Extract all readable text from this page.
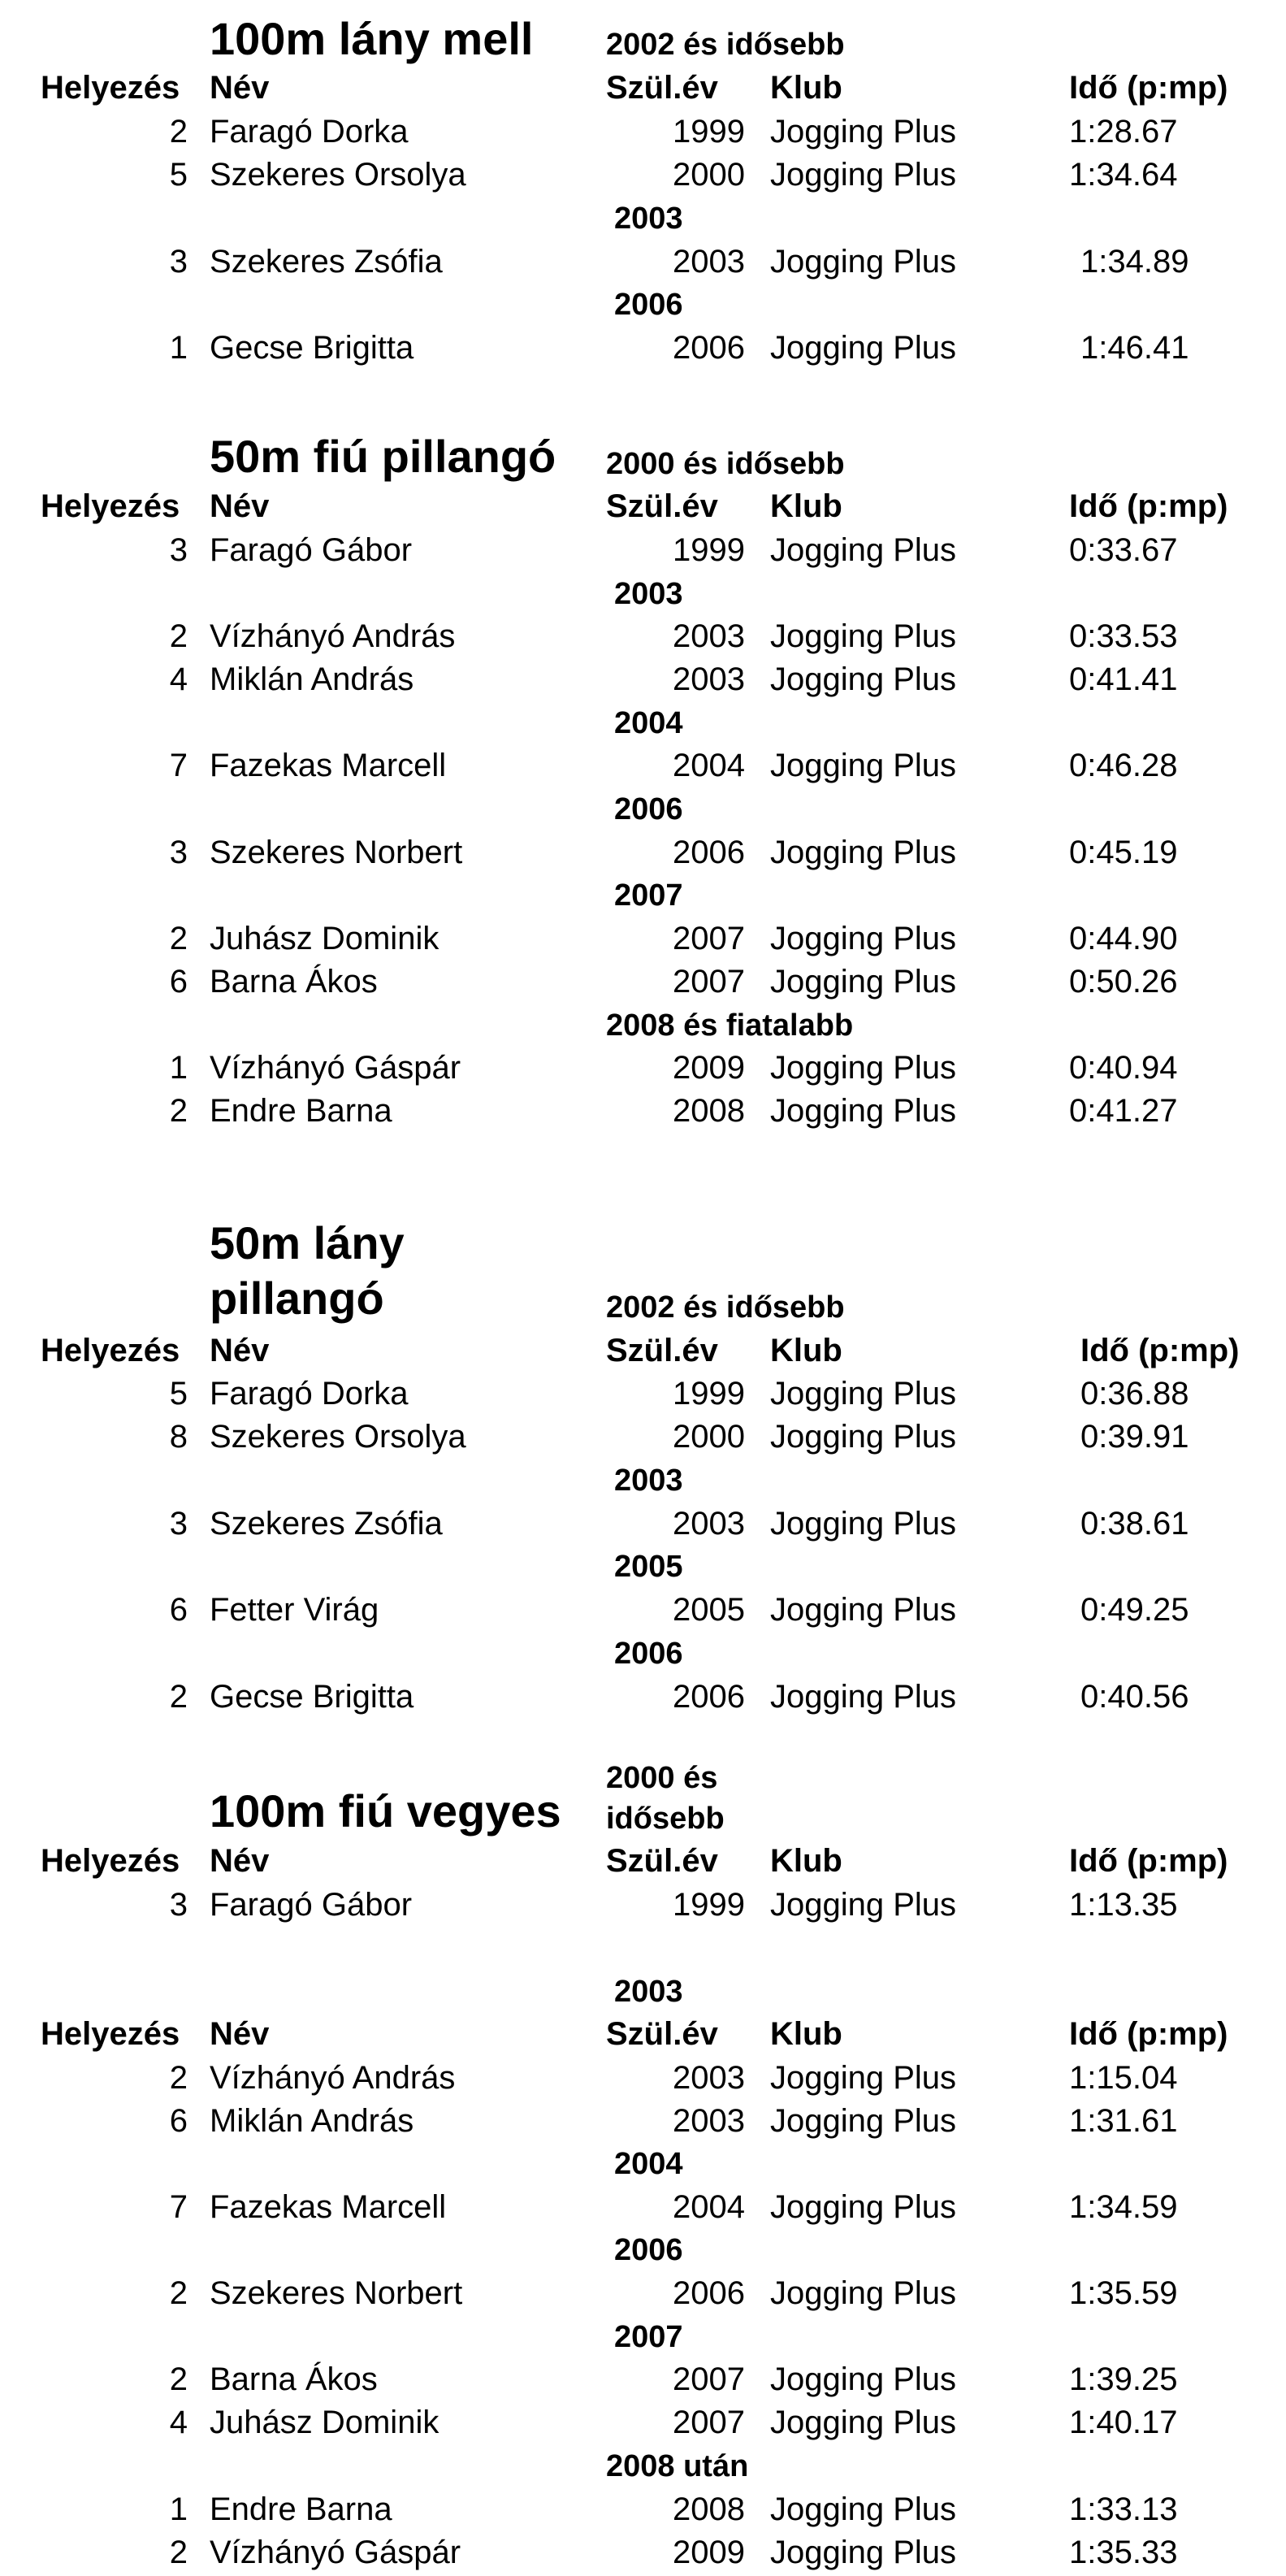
100m lány mell 2002 és idősebb
Helyezés Név	Szül.év Klub	Idő (p:mp)
2 Faragó Dorka	1999 Jogging Plus	1:28.67
5 Szekeres Orsolya	2000 Jogging Plus	1:34.64
2003
3 Szekeres Zsófia	2003 Jogging Plus	1:34.89
2006
1 Gecse Brigitta	2006 Jogging Plus	1:46.41
50m fiú pillangó 2000 és idősebb
Helyezés Név	Szül.év Klub	Idő (p:mp)
3 Faragó Gábor	1999 Jogging Plus	0:33.67
2003
2 Vízhányó András	2003 Jogging Plus	0:33.53
4 Miklán András	2003 Jogging Plus	0:41.41
2004
7 Fazekas Marcell	2004 Jogging Plus	0:46.28
2006
3 Szekeres Norbert	2006 Jogging Plus	0:45.19
2007
2 Juhász Dominik	2007 Jogging Plus	0:44.90
6 Barna Ákos	2007 Jogging Plus	0:50.26
2008 és fiatalabb
1 Vízhányó Gáspár	2009 Jogging Plus	0:40.94
2 Endre Barna	2008 Jogging Plus	0:41.27
50m lány
pillangó	2002 és idősebb
Helyezés Név	Szül.év Klub	Idő (p:mp)
5 Faragó Dorka	1999 Jogging Plus	0:36.88
8 Szekeres Orsolya	2000 Jogging Plus	0:39.91
2003
3 Szekeres Zsófia	2003 Jogging Plus	0:38.61
2005
6 Fetter Virág	2005 Jogging Plus	0:49.25
2006
2 Gecse Brigitta	2006 Jogging Plus	0:40.56
100m fiú vegyes
2000 és
idősebb
Helyezés Név	Szül.év Klub	Idő (p:mp)
3 Faragó Gábor	1999 Jogging Plus	1:13.35
2003
Helyezés Név	Szül.év Klub	Idő (p:mp)
2 Vízhányó András	2003 Jogging Plus	1:15.04
6 Miklán András	2003 Jogging Plus	1:31.61
2004
7 Fazekas Marcell	2004 Jogging Plus	1:34.59
2006
2 Szekeres Norbert	2006 Jogging Plus	1:35.59
2007
2 Barna Ákos	2007 Jogging Plus	1:39.25
4 Juhász Dominik	2007 Jogging Plus	1:40.17
2008 után
1 Endre Barna	2008 Jogging Plus	1:33.13
2 Vízhányó Gáspár	2009 Jogging Plus	1:35.33
